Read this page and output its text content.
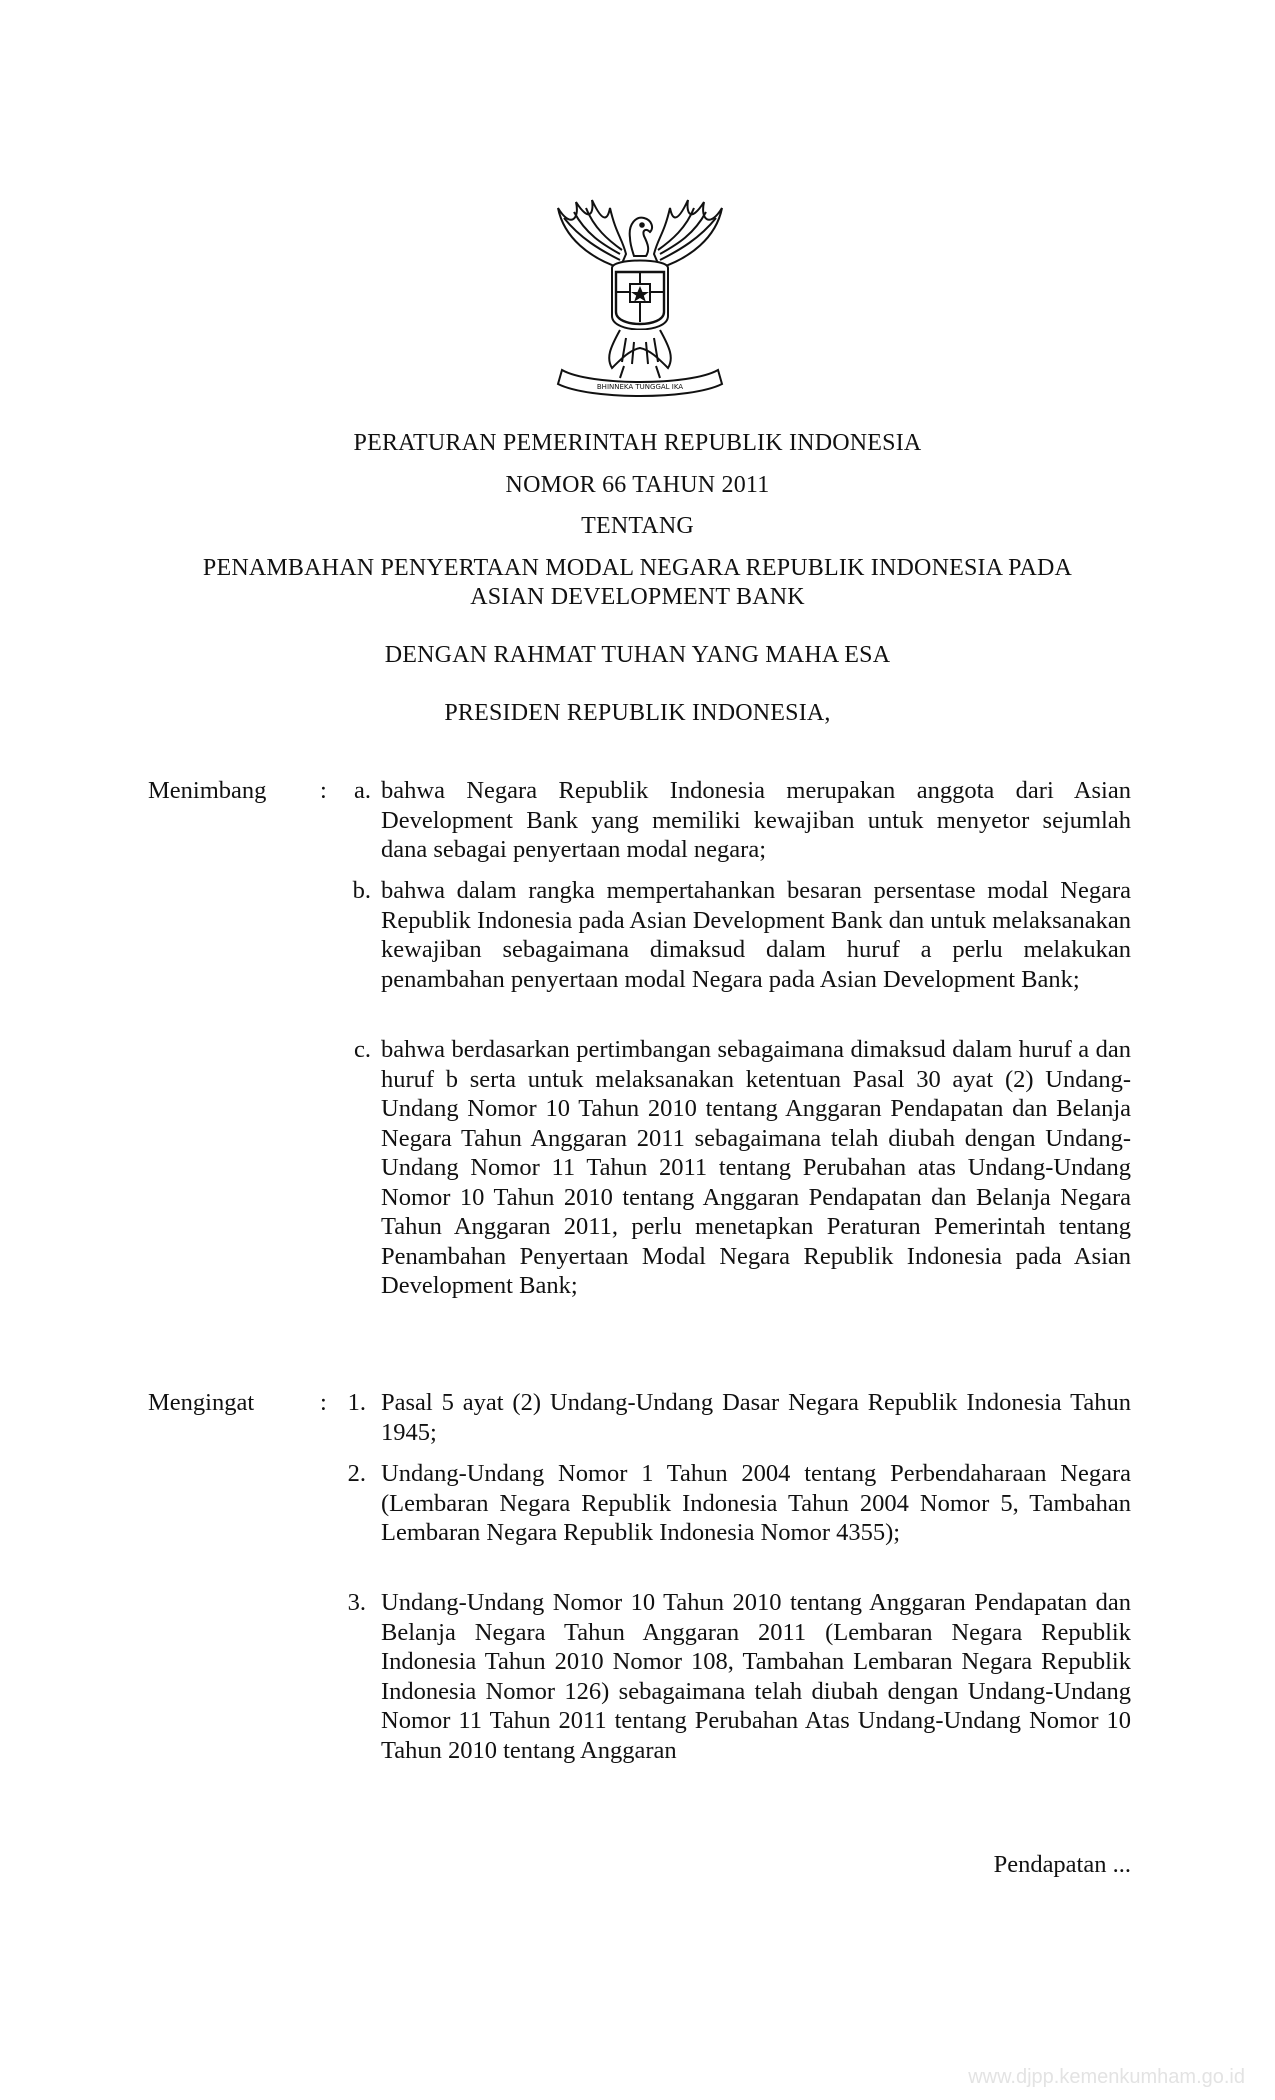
BHINNEKA TUNGGAL IKA
PERATURAN PEMERINTAH REPUBLIK INDONESIA
NOMOR 66 TAHUN 2011
TENTANG
PENAMBAHAN PENYERTAAN MODAL NEGARA REPUBLIK INDONESIA PADA
ASIAN DEVELOPMENT BANK
DENGAN RAHMAT TUHAN YANG MAHA ESA
PRESIDEN REPUBLIK INDONESIA,
Menimbang :	a. bahwa Negara Republik Indonesia merupakan anggota dari Asian Development Bank yang memiliki kewajiban untuk menyetor sejumlah dana sebagai penyertaan modal negara;
b. bahwa dalam rangka mempertahankan besaran persentase modal Negara Republik Indonesia pada Asian Development Bank dan untuk melaksanakan kewajiban sebagaimana dimaksud dalam huruf a perlu melakukan penambahan penyertaan modal Negara pada Asian Development Bank;
c. bahwa berdasarkan pertimbangan sebagaimana dimaksud dalam huruf a dan huruf b serta untuk melaksanakan ketentuan Pasal 30 ayat (2) Undang-Undang Nomor 10 Tahun 2010 tentang Anggaran Pendapatan dan Belanja Negara Tahun Anggaran 2011 sebagaimana telah diubah dengan Undang-Undang Nomor 11 Tahun 2011 tentang Perubahan atas Undang-Undang Nomor 10 Tahun 2010 tentang Anggaran Pendapatan dan Belanja Negara Tahun Anggaran 2011, perlu menetapkan Peraturan Pemerintah tentang Penambahan Penyertaan Modal Negara Republik Indonesia pada Asian Development Bank;
Mengingat	: 1. Pasal 5 ayat (2) Undang-Undang Dasar Negara Republik Indonesia Tahun 1945;
2. Undang-Undang Nomor 1 Tahun 2004 tentang Perbendaharaan Negara (Lembaran Negara Republik Indonesia Tahun 2004 Nomor 5, Tambahan Lembaran Negara Republik Indonesia Nomor 4355);
3. Undang-Undang Nomor 10 Tahun 2010 tentang Anggaran Pendapatan dan Belanja Negara Tahun Anggaran 2011 (Lembaran Negara Republik Indonesia Tahun 2010 Nomor 108, Tambahan Lembaran Negara Republik Indonesia Nomor 126) sebagaimana telah diubah dengan Undang-Undang Nomor 11 Tahun 2011 tentang Perubahan Atas Undang-Undang Nomor 10 Tahun 2010 tentang Anggaran
Pendapatan ...
www.djpp.kemenkumham.go.id
